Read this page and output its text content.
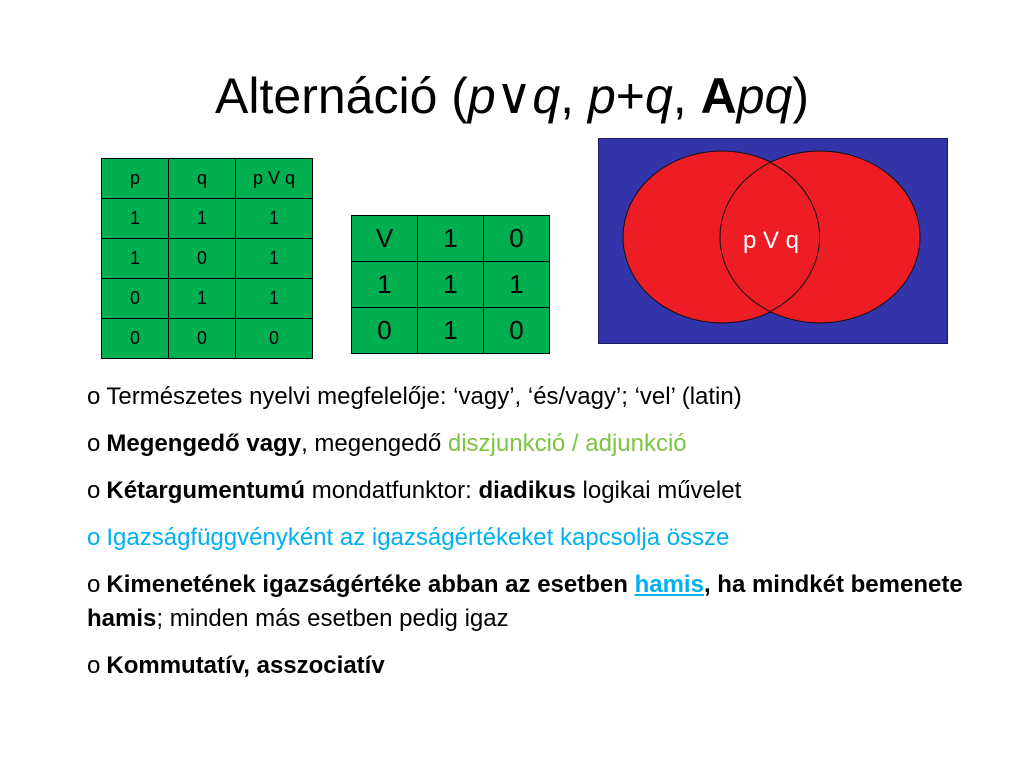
Alternáció (p∨q, p+q, Apq)
p	q	p V q
1	1	1
1	0	1
0	1	1
0	0	0
V	1	0
1	1	1
0	1	0
p V q
o Természetes nyelvi megfelelője: ‘vagy’, ‘és/vagy’; ‘vel’ (latin)
o Megengedő vagy, megengedő diszjunkció / adjunkció
o Kétargumentumú mondatfunktor: diadikus logikai művelet
o Igazságfüggvényként az igazságértékeket kapcsolja össze
o Kimenetének igazságértéke abban az esetben hamis, ha mindkét bemenete hamis; minden más esetben pedig igaz
o Kommutatív, asszociatív
